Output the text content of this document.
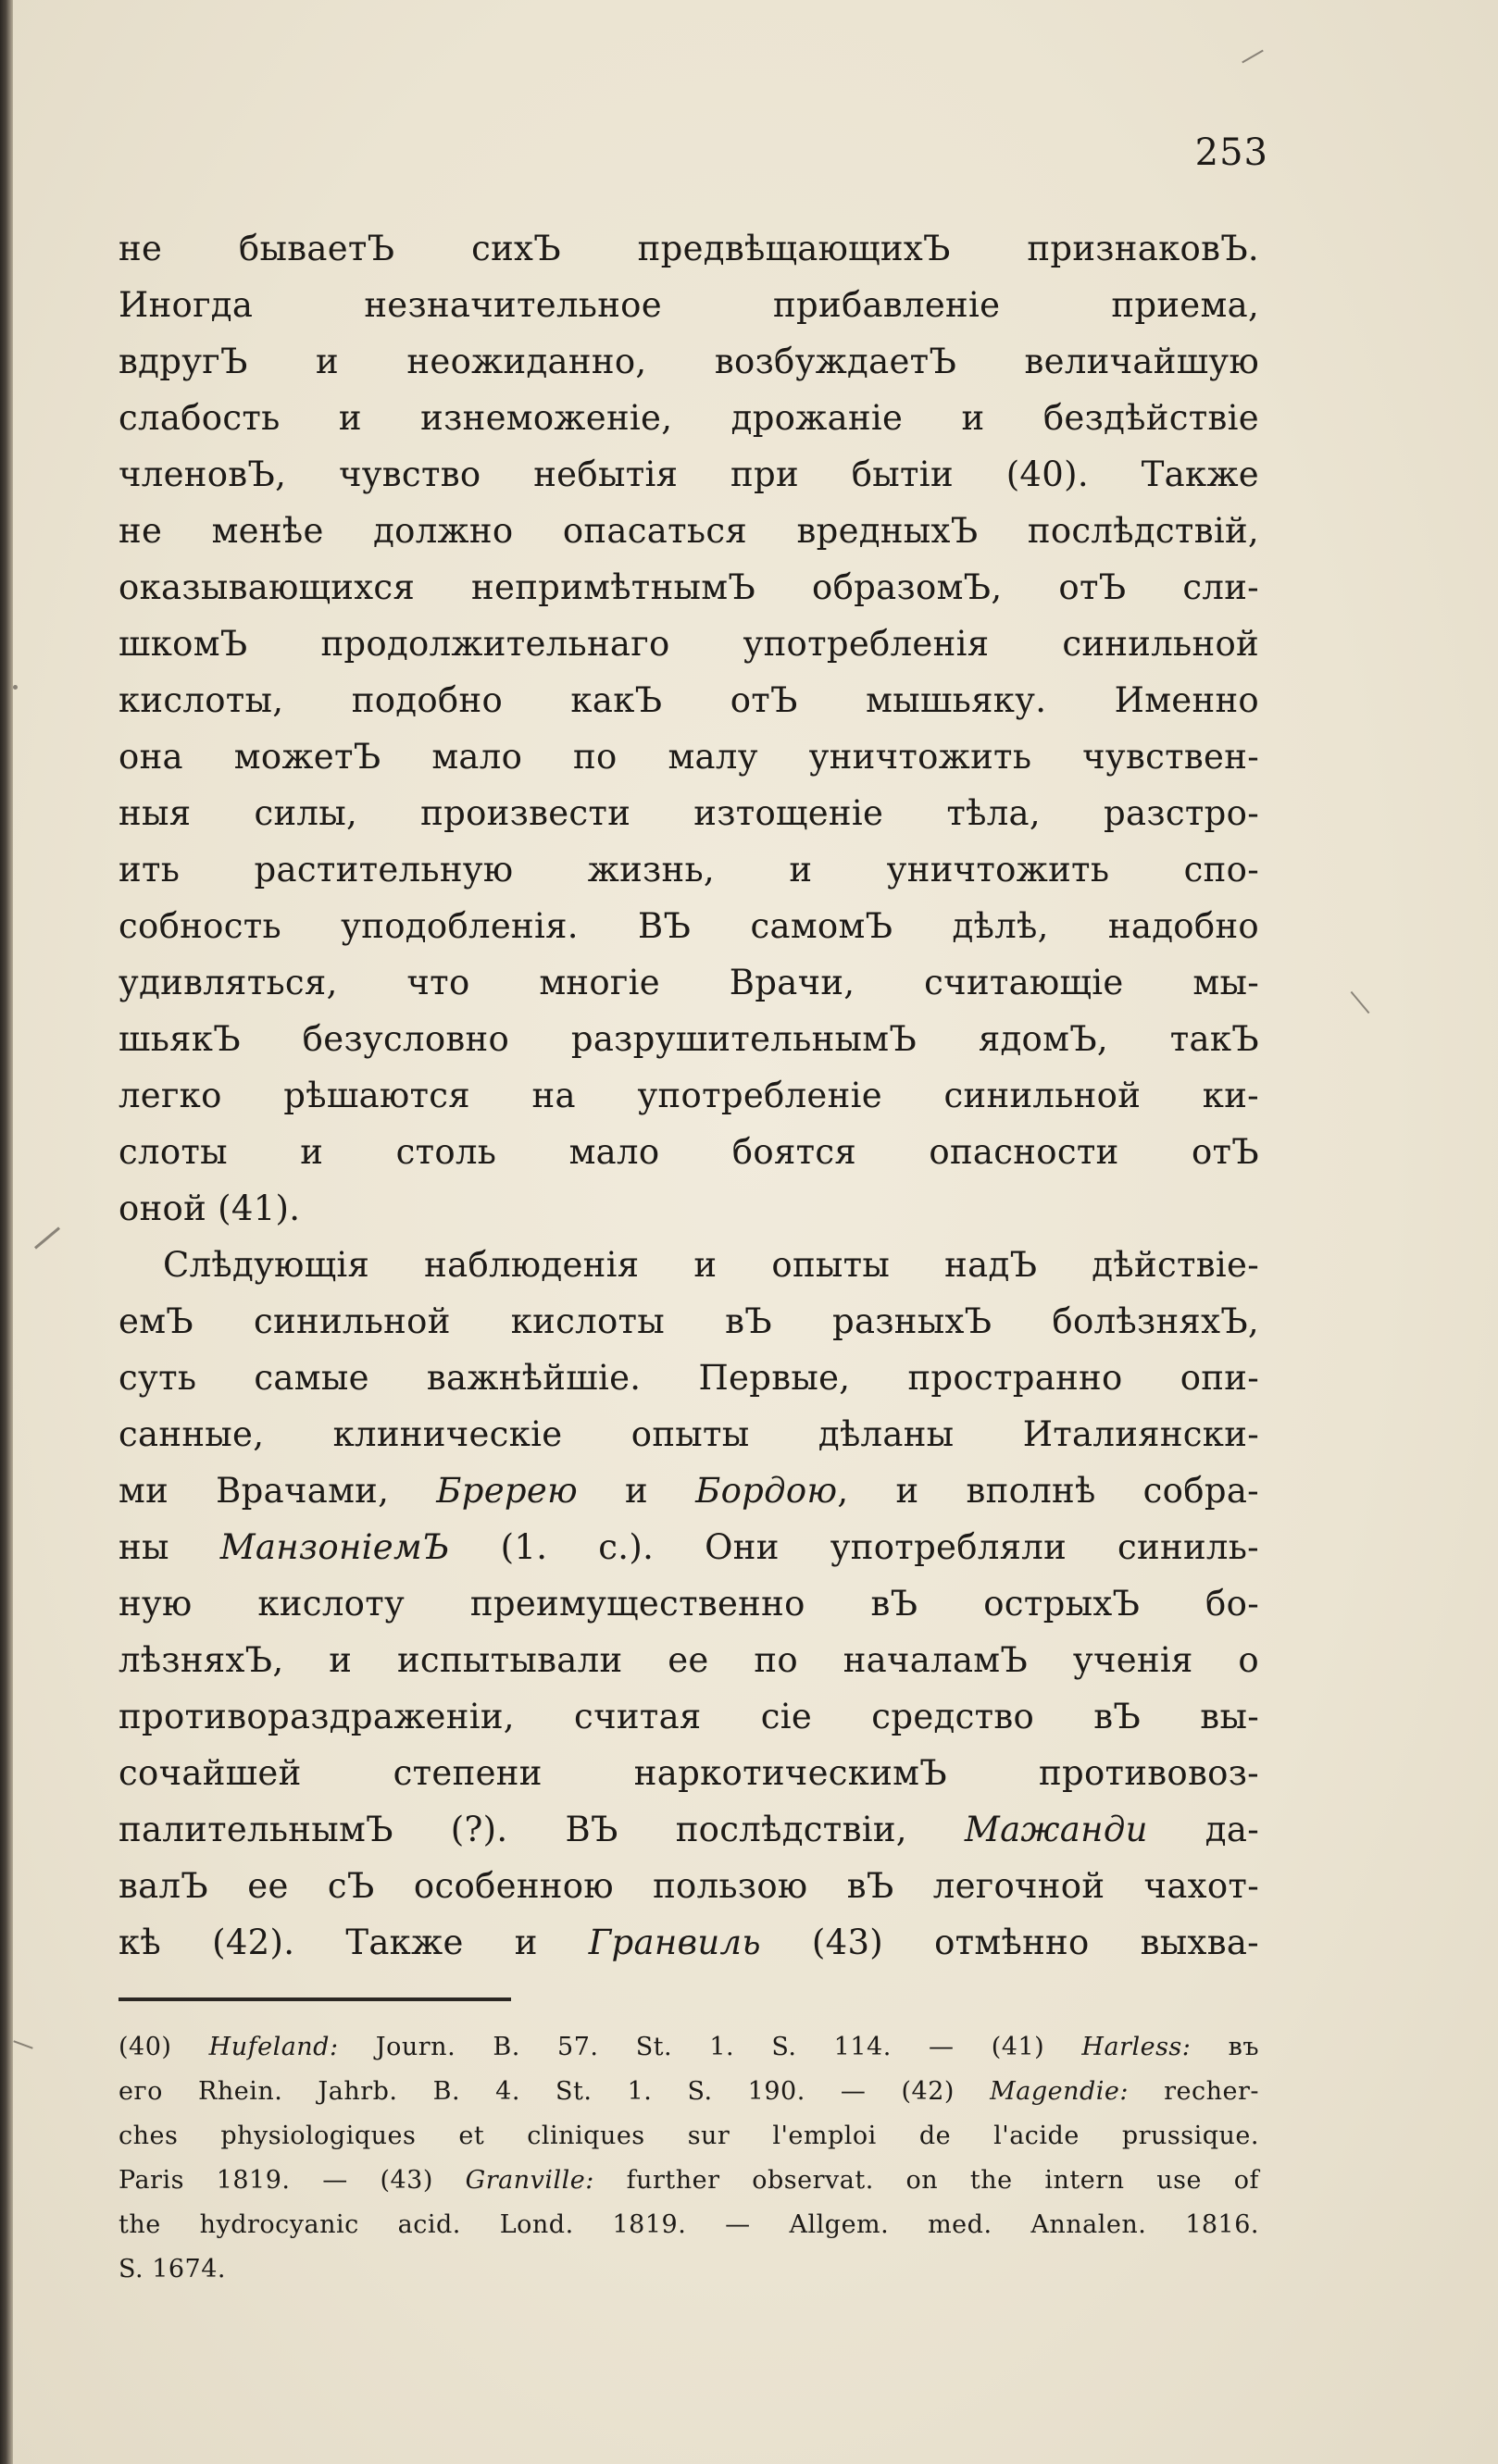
253
не бываетЪ сихЪ предвѣщающихЪ признаковЪ.
Иногда незначительное прибавленіе приема,
вдругЪ и неожиданно, возбуждаетЪ величайшую
слабость и изнеможеніе, дрожаніе и бездѣйствіе
членовЪ, чувство небытія при бытіи (40). Также
не менѣе должно опасаться вредныхЪ послѣдствій,
оказывающихся непримѣтнымЪ образомЪ, отЪ сли-
шкомЪ продолжительнаго употребленія синильной
кислоты, подобно какЪ отЪ мышьяку. Именно
она можетЪ мало по малу уничтожить чувствен-
ныя силы, произвести изтощеніе тѣла, разстро-
ить растительную жизнь, и уничтожить спо-
собность уподобленія. ВЪ самомЪ дѣлѣ, надобно
удивляться, что многіе Врачи, считающіе мы-
шьякЪ безусловно разрушительнымЪ ядомЪ, такЪ
легко рѣшаются на употребленіе синильной ки-
слоты и столь мало боятся опасности отЪ
оной (41).
Слѣдующія наблюденія и опыты надЪ дѣйствіе-
емЪ синильной кислоты вЪ разныхЪ болѣзняхЪ,
суть самые важнѣйшіе. Первые, пространно опи-
санные, клиническіе опыты дѣланы Италиянски-
ми Врачами, Бререю и Бордою, и вполнѣ собра-
ны МанзоніемЪ (1. c.). Они употребляли синиль-
ную кислоту преимущественно вЪ острыхЪ бо-
лѣзняхЪ, и испытывали ее по началамЪ ученія о
противораздраженіи, считая сіе средство вЪ вы-
сочайшей степени наркотическимЪ противовоз-
палительнымЪ (?). ВЪ послѣдствіи, Мажанди да-
валЪ ее сЪ особенною пользою вЪ легочной чахот-
кѣ (42). Также и Гранвиль (43) отмѣнно выхва-
(40) Hufeland: Journ. B. 57. St. 1. S. 114. — (41) Harless: въ
его Rhein. Jahrb. B. 4. St. 1. S. 190. — (42) Magendie: recher-
ches physiologiques et cliniques sur l'emploi de l'acide prussique.
Paris 1819. — (43) Granville: further observat. on the intern use of
the hydrocyanic acid. Lond. 1819. — Allgem. med. Annalen. 1816.
S. 1674.
